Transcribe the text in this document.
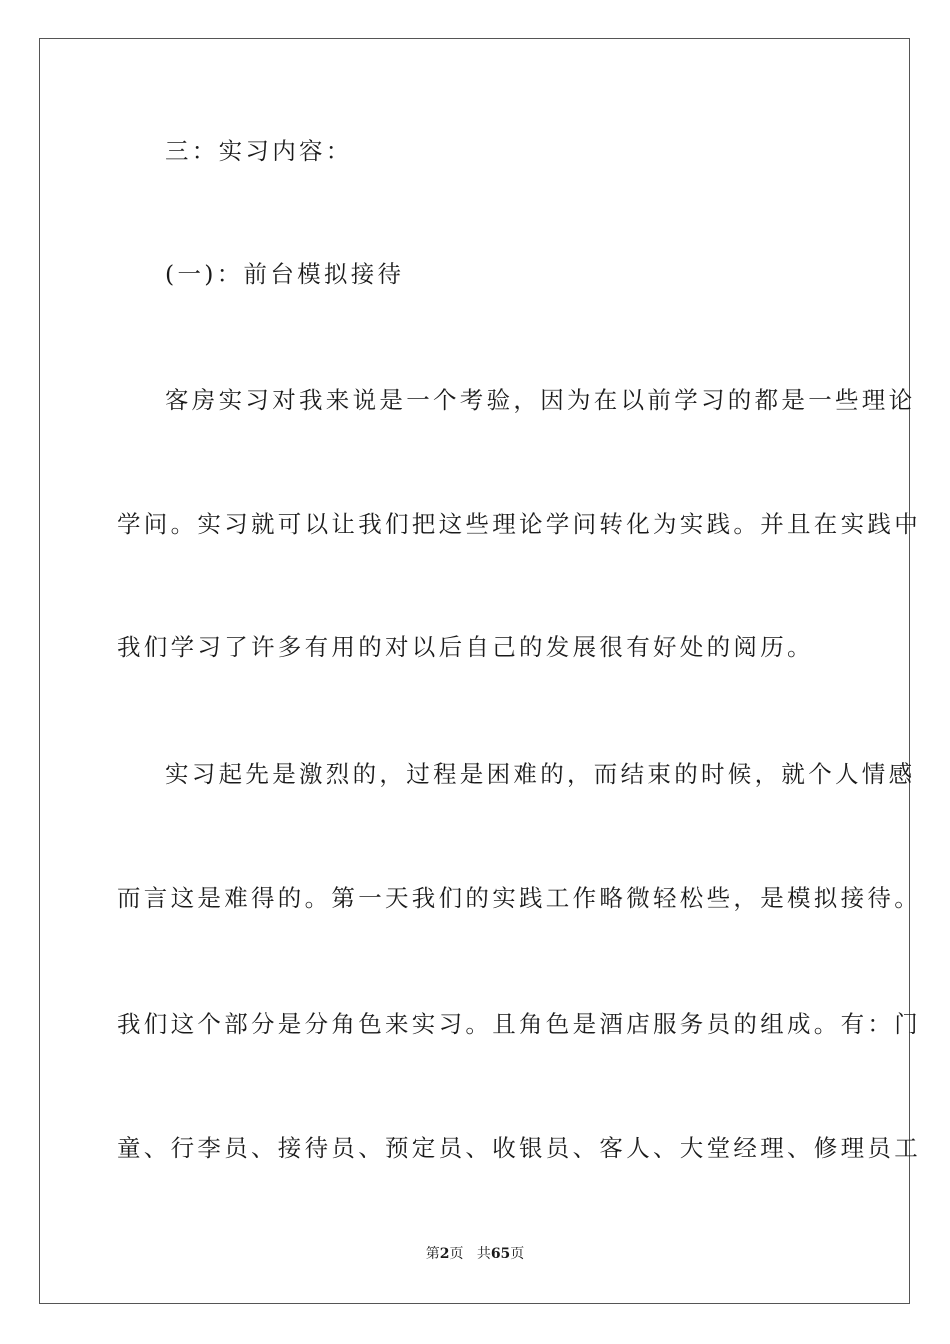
三：实习内容：
(一)：前台模拟接待
客房实习对我来说是一个考验，因为在以前学习的都是一些理论
学问。实习就可以让我们把这些理论学问转化为实践。并且在实践中
我们学习了许多有用的对以后自己的发展很有好处的阅历。
实习起先是激烈的，过程是困难的，而结束的时候，就个人情感
而言这是难得的。第一天我们的实践工作略微轻松些，是模拟接待。
我们这个部分是分角色来实习。且角色是酒店服务员的组成。有：门
童、行李员、接待员、预定员、收银员、客人、大堂经理、修理员工
第2页 共65页
